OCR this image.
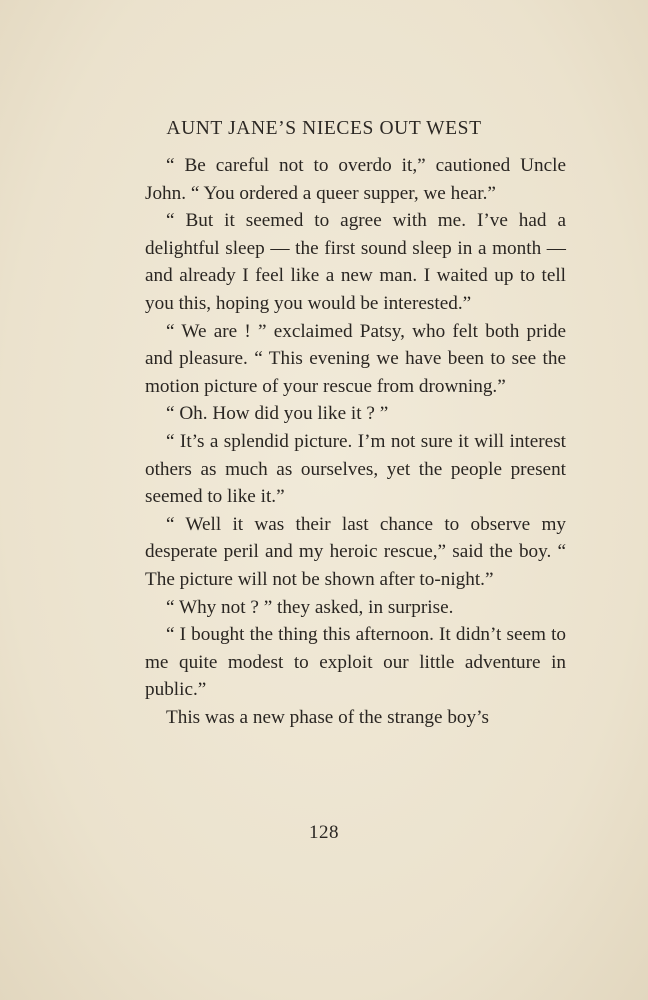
AUNT JANE’S NIECES OUT WEST

“ Be careful not to overdo it,” cautioned Uncle John. “ You ordered a queer supper, we hear.”

“ But it seemed to agree with me. I’ve had a delightful sleep — the first sound sleep in a month — and already I feel like a new man. I waited up to tell you this, hoping you would be interested.”

“ We are ! ” exclaimed Patsy, who felt both pride and pleasure. “ This evening we have been to see the motion picture of your rescue from drowning.”

“ Oh. How did you like it ? ”

“ It’s a splendid picture. I’m not sure it will interest others as much as ourselves, yet the people present seemed to like it.”

“ Well it was their last chance to observe my desperate peril and my heroic rescue,” said the boy. “ The picture will not be shown after to-night.”

“ Why not ? ” they asked, in surprise.

“ I bought the thing this afternoon. It didn’t seem to me quite modest to exploit our little adventure in public.”

This was a new phase of the strange boy’s

128
